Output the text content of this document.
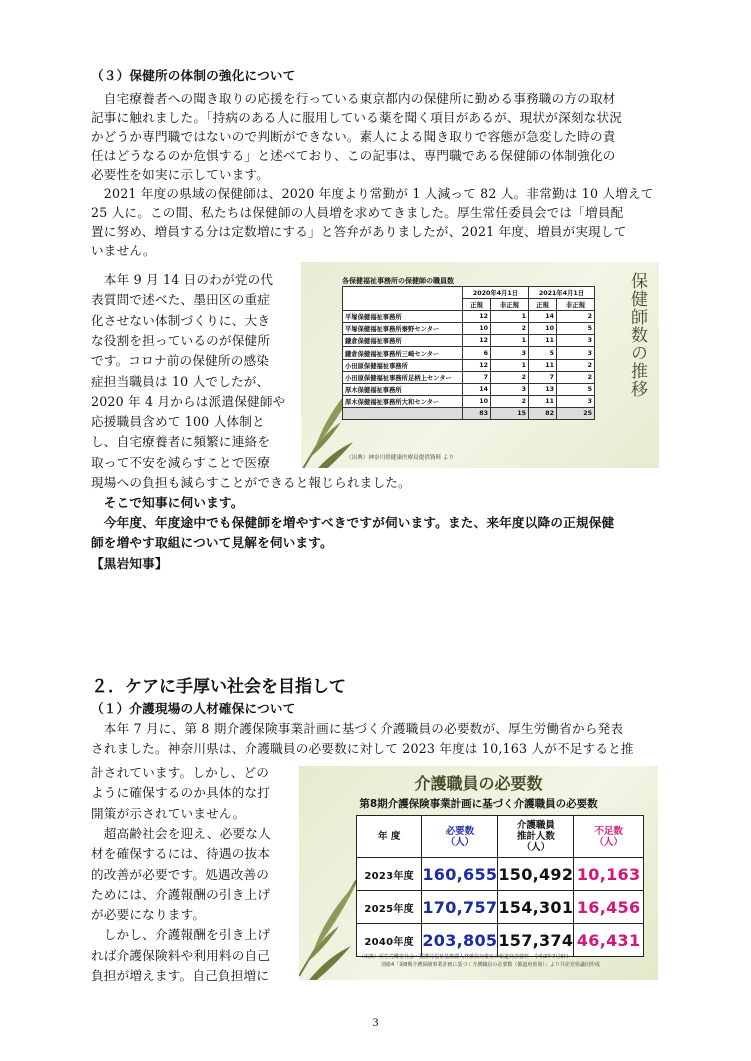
（３）保健所の体制の強化について
　自宅療養者への聞き取りの応援を行っている東京都内の保健所に勤める事務職の方の取材
記事に触れました。「持病のある人に服用している薬を聞く項目があるが、現状が深刻な状況
かどうか専門職ではないので判断ができない。素人による聞き取りで容態が急変した時の責
任はどうなるのか危惧する」と述べており、この記事は、専門職である保健師の体制強化の
必要性を如実に示しています。
　2021 年度の県域の保健師は、2020 年度より常勤が 1 人減って 82 人。非常勤は 10 人増えて
25 人に。この間、私たちは保健師の人員増を求めてきました。厚生常任委員会では「増員配
置に努め、増員する分は定数増にする」と答弁がありましたが、2021 年度、増員が実現して
いません。
　本年 9 月 14 日のわが党の代
表質問で述べた、墨田区の重症
化させない体制づくりに、大き
な役割を担っているのが保健所
です。コロナ前の保健所の感染
症担当職員は 10 人でしたが、
2020 年 4 月からは派遣保健師や
応援職員含めて 100 人体制と
し、自宅療養者に頻繁に連絡を
取って不安を減らすことで医療
現場への負担も減らすことができると報じられました。
　そこで知事に伺います。
　今年度、年度途中でも保健師を増やすべきですが伺います。また、来年度以降の正規保健
師を増やす取組について見解を伺います。
【黒岩知事】
各保健福祉事務所の保健師の職員数
	2020年4月1日		2021年4月1日	
	正規	非正規	正規	非正規
平塚保健福祉事務所	12	1	14	2
平塚保健福祉事務所秦野センター	10	2	10	5
鎌倉保健福祉事務所	12	1	11	3
鎌倉保健福祉事務所三崎センター	6	3	5	3
小田原保健福祉事務所	12	1	11	2
小田原保健福祉事務所足柄上センター	7	2	7	2
厚木保健福祉事務所	14	3	13	5
厚木保健福祉事務所大和センター	10	2	11	3
	83	15	82	25
保健師数の推移
（出典）神奈川県健康医療局提供資料 より
２．ケアに手厚い社会を目指して
（１）介護現場の人材確保について
　本年 7 月に、第 8 期介護保険事業計画に基づく介護職員の必要数が、厚生労働省から発表
されました。神奈川県は、介護職員の必要数に対して 2023 年度は 10,163 人が不足すると推
計されています。しかし、どの
ように確保するのか具体的な打
開策が示されていません。
　超高齢社会を迎え、必要な人
材を確保するには、待遇の抜本
的改善が必要です。処遇改善の
ためには、介護報酬の引き上げ
が必要になります。
　しかし、介護報酬を引き上げ
れば介護保険料や利用料の自己
負担が増えます。自己負担増に
介護職員の必要数
第8期介護保険事業計画に基づく介護職員の必要数
年 度	必要数
（人）	介護職員
推計人数
（人）	不足数
（人）
2023年度	160,655	150,492	10,163
2025年度	170,757	154,301	16,456
2040年度	203,805	157,374	46,431
（出典）厚生労働省社会・援護局福祉基盤課人材確保対策室の報道発表資料　令和3年7月9日
別紙4「第8期介護保険事業計画に基づく介護職員の必要数（都道府県別）」より共産党県議団作成
3
